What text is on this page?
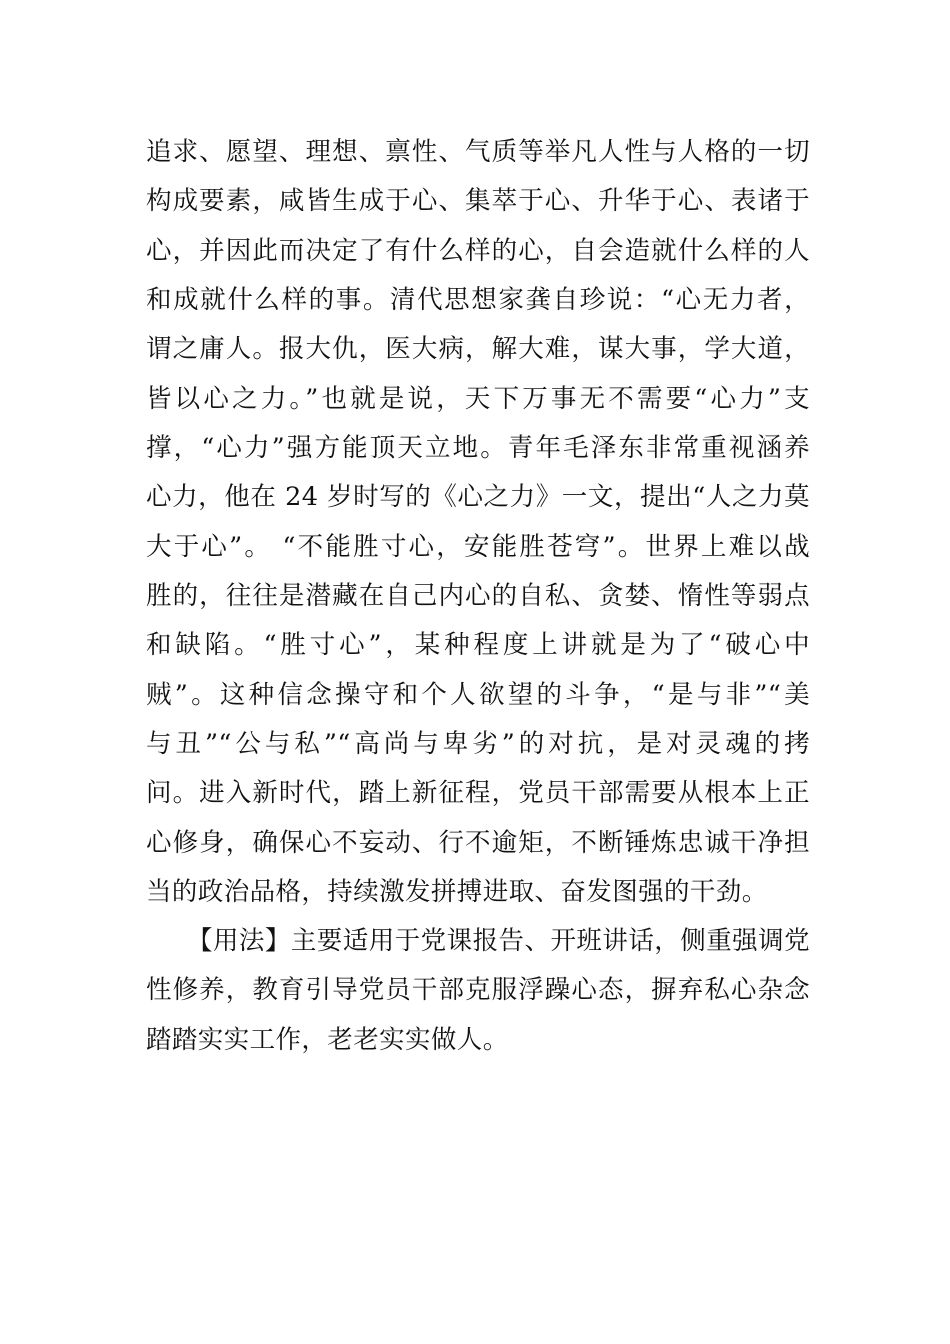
追求、愿望、理想、禀性、气质等举凡人性与人格的一切
构成要素，咸皆生成于心、集萃于心、升华于心、表诸于
心，并因此而决定了有什么样的心，自会造就什么样的人
和成就什么样的事。清代思想家龚自珍说：“心无力者，
谓之庸人。报大仇，医大病，解大难，谋大事，学大道，
皆以心之力。”也就是说，天下万事无不需要“心力”支
撑，“心力”强方能顶天立地。青年毛泽东非常重视涵养
心力，他在 24 岁时写的《心之力》一文，提出“人之力莫
大于心”。 “不能胜寸心，安能胜苍穹”。世界上难以战
胜的，往往是潜藏在自己内心的自私、贪婪、惰性等弱点
和缺陷。“胜寸心”，某种程度上讲就是为了“破心中
贼”。这种信念操守和个人欲望的斗争，“是与非”“美
与丑”“公与私”“高尚与卑劣”的对抗，是对灵魂的拷
问。进入新时代，踏上新征程，党员干部需要从根本上正
心修身，确保心不妄动、行不逾矩，不断锤炼忠诚干净担
当的政治品格，持续激发拼搏进取、奋发图强的干劲。
【用法】主要适用于党课报告、开班讲话，侧重强调党
性修养，教育引导党员干部克服浮躁心态，摒弃私心杂念
踏踏实实工作，老老实实做人。
